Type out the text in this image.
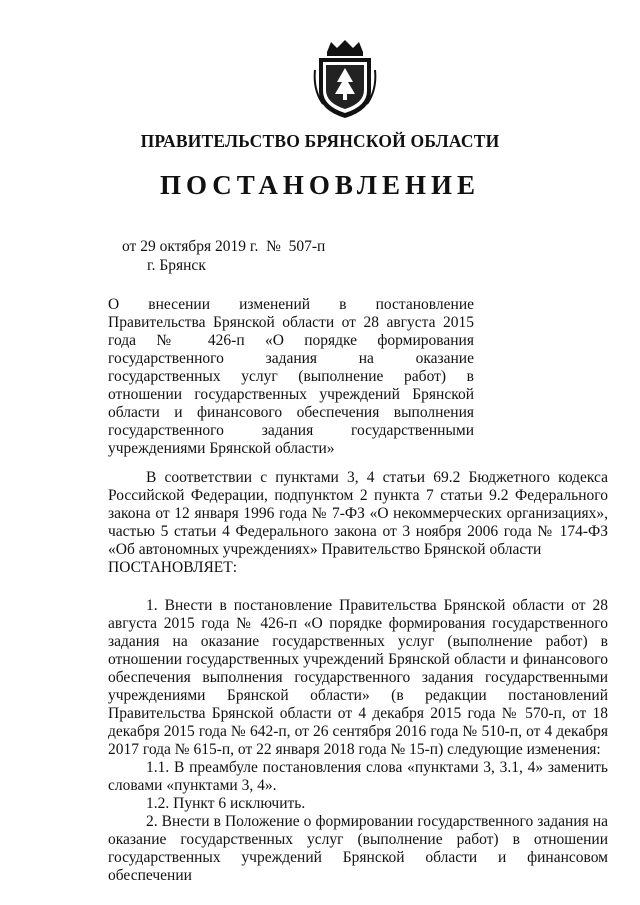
ПРАВИТЕЛЬСТВО БРЯНСКОЙ ОБЛАСТИ
ПОСТАНОВЛЕНИЕ
от 29 октября 2019 г.  №  507-п
г. Брянск
О внесении изменений в постановление Правительства Брянской области от 28 августа 2015 года № 426-п «О порядке формирования государственного задания на оказание государственных услуг (выполнение работ) в отношении государственных учреждений Брянской области и финансового обеспечения выполнения государственного задания государственными учреждениями Брянской области»

В соответствии с пунктами 3, 4 статьи 69.2 Бюджетного кодекса Российской Федерации, подпунктом 2 пункта 7 статьи 9.2 Федерального закона от 12 января 1996 года № 7-ФЗ «О некоммерческих организациях», частью 5 статьи 4 Федерального закона от 3 ноября 2006 года № 174-ФЗ «Об автономных учреждениях» Правительство Брянской области

ПОСТАНОВЛЯЕТ:

1. Внести в постановление Правительства Брянской области от 28 августа 2015 года № 426-п «О порядке формирования государственного задания на оказание государственных услуг (выполнение работ) в отношении государственных учреждений Брянской области и финансового обеспечения выполнения государственного задания государственными учреждениями Брянской области» (в редакции постановлений Правительства Брянской области от 4 декабря 2015 года № 570-п, от 18 декабря 2015 года № 642-п, от 26 сентября 2016 года № 510-п, от 4 декабря 2017 года № 615-п, от 22 января 2018 года № 15-п) следующие изменения:

1.1. В преамбуле постановления слова «пунктами 3, 3.1, 4» заменить словами «пунктами 3, 4».

1.2. Пункт 6 исключить.

2. Внести в Положение о формировании государственного задания на оказание государственных услуг (выполнение работ) в отношении государственных учреждений Брянской области и финансовом обеспечении
